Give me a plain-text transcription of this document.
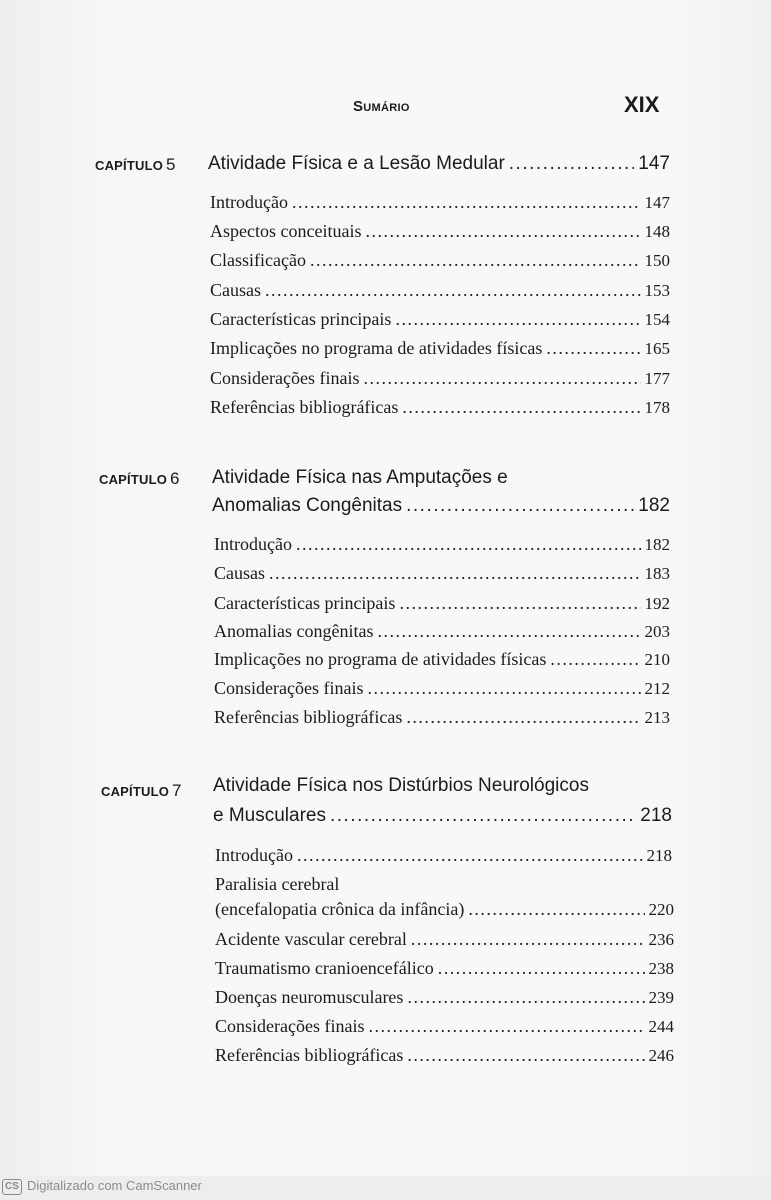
Sumário	XIX
CAPÍTULO 5 Atividade Física e a Lesão Medular .....	147
Introdução .....	147
Aspectos conceituais .....	148
Classificação .....	150
Causas .....	153
Características principais .....	154
Implicações no programa de atividades físicas .....	165
Considerações finais .....	177
Referências bibliográficas .....	178
CAPÍTULO 6 Atividade Física nas Amputações e
Anomalias Congênitas .....	182
Introdução .....	182
Causas .....	183
Características principais .....	192
Anomalias congênitas .....	203
Implicações no programa de atividades físicas .....	210
Considerações finais .....	212
Referências bibliográficas .....	213
CAPÍTULO 7 Atividade Física nos Distúrbios Neurológicos
e Musculares .....	218
Introdução .....	218
Paralisia cerebral
(encefalopatia crônica da infância) .....	220
Acidente vascular cerebral .....	236
Traumatismo cranioencefálico .....	238
Doenças neuromusculares .....	239
Considerações finais .....	244
Referências bibliográficas .....	246
CS Digitalizado com CamScanner
